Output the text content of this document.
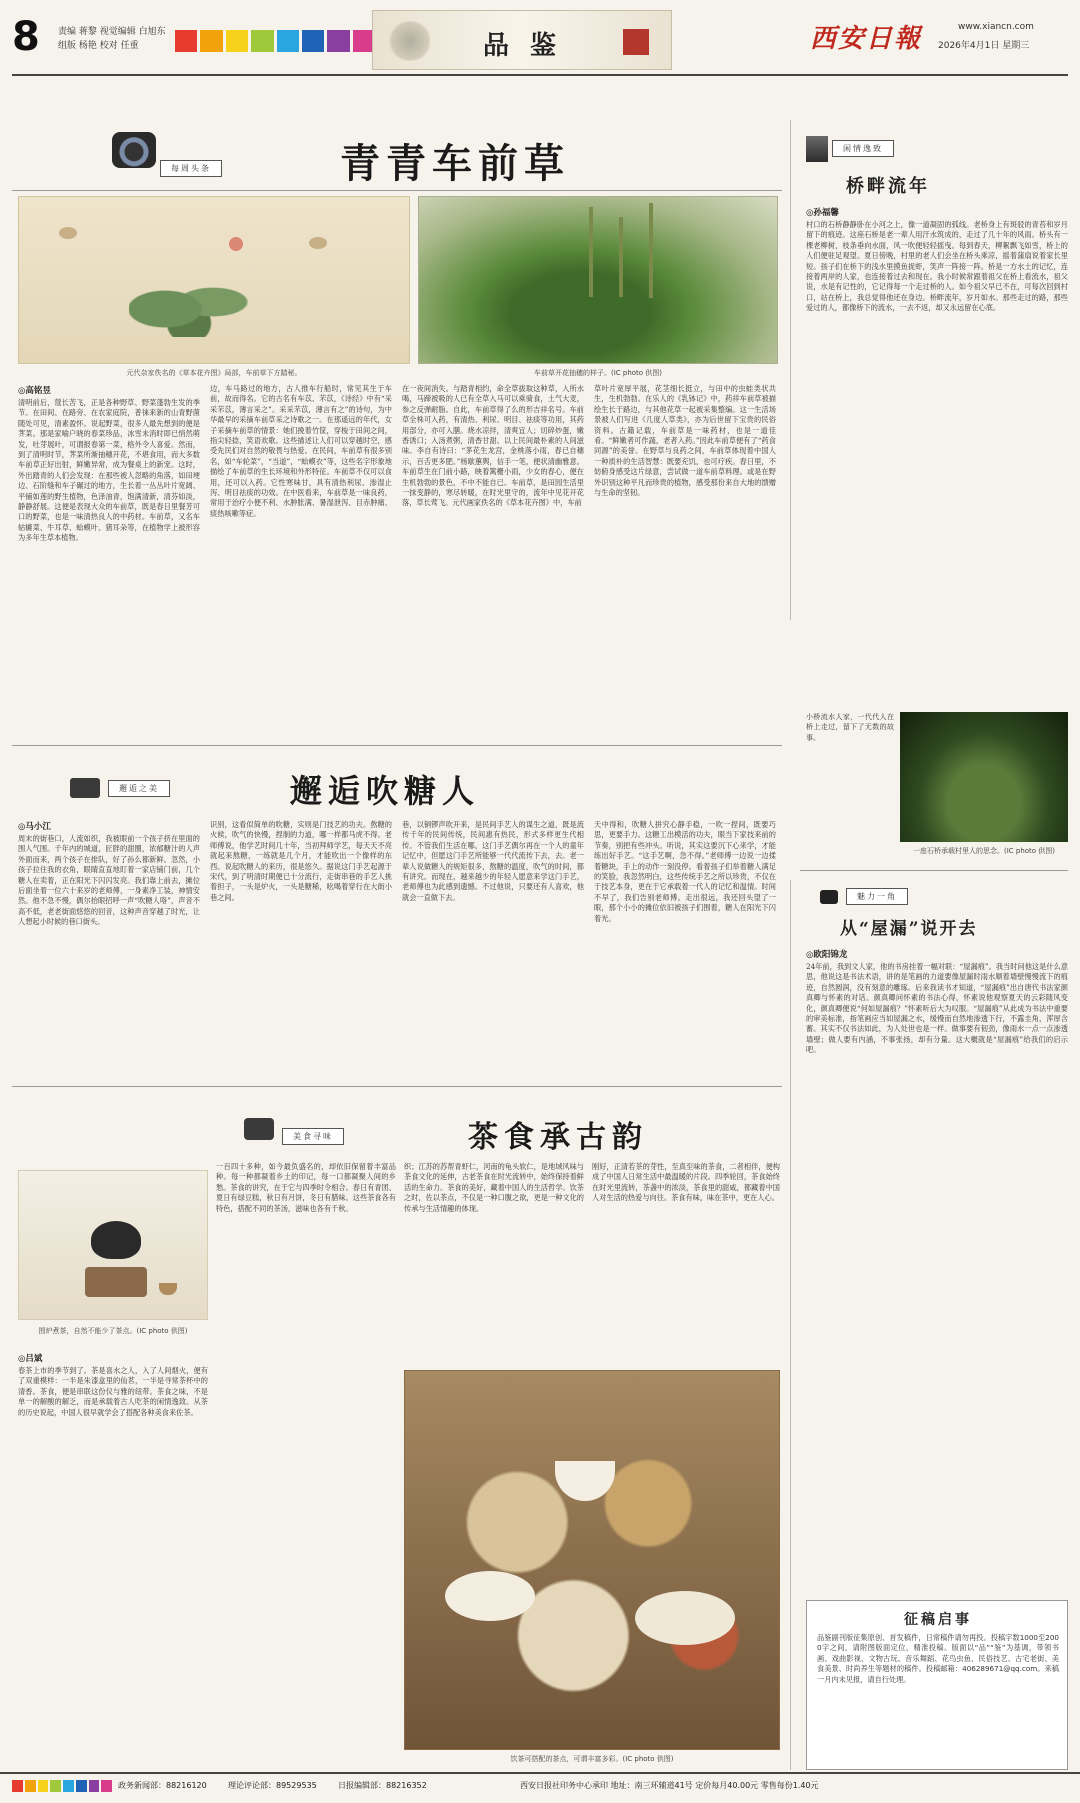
8 责编 蒋黎 视觉编辑 白旭东
组版 杨艳 校对 任重	品 鉴	西安日報	www.xiancn.com
2026年4月1日 星期三
每周头条	青青车前草
元代杂家佚名的《草本花卉图》局部，车前草下方踏秘。	车前草开花抽穗的样子。(IC photo 供图)
◎高铭昱
清明前后，蔻长苦飞，正是各种野草、野菜蓬勃生发的季节。在田间、在路旁、在农家庭院，普徕来新的山青野菌随处可见，清素盈怀。说起野菜，很多人最先想到的便是荠菜。那是家喻户晓的春菜珍品，冰雪未消时即已悄然萌发，吐芽展叶，可谓报春第一菜，格外令人喜爱。然而，到了清明时节，荠菜所渐抽穗开花，不堪食用，而大多数车前草正好出射，鲜嫩异常，成为餐桌上的新宠。这时，外出踏青的人们会发现：在那些被人忽略的角落，如田埂边、石阶缝和车子碾过的地方，生长着一丛丛叶片宽阔、平铺如莲的野生植物，色泽油青，饱满清新，清芬如淡，静静舒展。这便是表现大众的车前草，既是春日里餐芳可口的野菜，也是一味清热良人的中药材。车前草，又名车轱辘菜、牛耳草、蛤蟆叶、猪耳朵等，在植物学上被形容为多年生草本植物。
边，车马路过的地方，古人推车行船时，常见其生于车前，故而得名。它的古名有车苡、芣苡，《诗经》中有“采采芣苡，薄言采之”。采采芣苡，薄言有之”的诗句，为中华最早的采摘车前草采之诗歌之一。在那遥远的年代，女子采摘车前草的情景：她们挽着竹筐，穿梭于田间之间，指尖轻捻，笑语欢歌。这些描述让人们可以穿越时空，感受先民们对自然的敬畏与热爱。在民间，车前草有很多别名，如“车轮菜”，“当道”，“蛤蟆衣”等，这些名字形象地描绘了车前草的生长环境和外形特征。车前草不仅可以食用，还可以入药。它性寒味甘，具有清热利尿、渗湿止泻、明目祛痰的功效。在中医看来，车前草是一味良药，常用于治疗小便不利、水肿胀满、暑湿泄泻、目赤肿痛、痰热咳嗽等症。
在一夜间消失。与踏青相约，命全草拔取这种草，入所水喝，马蹄被吸的人已有全草入马可以乘骑食，土气大麦，参之反弹耐脂。自此，车前草得了么的形吉祥名号。车前草全株可入药，有清热、利尿、明目、祛痰等功用，其药用部分，亦可入膳。烧水凉拌，清爽宜人；切碎炒蛋，嫩香诱口；入汤煮粥，清香甘甜。以上民间最朴素的人间滋味。李自有诗曰：“茅花生龙宫，金桃落小雨，春已自穗示，百舌更多肥。”杨歇蕙舆，信手一笔，便状清幽雅意。车前草生在门前小路，映着篱栅小雨，少女的春心，便在生机勃勃的景色，不中不能自已。车前草，是田园生活里一抹变静的，寒尽转暖，在时光里守的，流年中见花开花落，草长莺飞。元代画家佚名的《草本花卉图》中，车前
草叶片宽厚平展，花茎细长挺立，与田中的虫蛙类状共生，生机勃勃。在乐人的《乳钵记》中，药祥车前草被描绘生长于路边，与其他花草一起被采集整编。这一生活场景被人们写进《几度人草类》，亦为后世留下宝贵的民俗资料。古籍记载，车前草是一味药材，也是一道佳肴。“鲜嫩者可作蔬，老者入药。”因此车前草便有了“药食同源”的美誉。在野草与良药之间，车前草体现着中国人一种质朴的生活智慧：既要充饥，也可疗疾。春日里，不妨俯身感受这片绿意，尝试做一道车前草料理。或是在野外识别这种平凡而珍贵的植物，感受那份来自大地的馈赠与生命的坚韧。
闲情逸致
桥畔流年
◎孙福馨
村口的石桥静静卧在小河之上，像一道凝固的弧线。老桥身上有斑驳的青苔和岁月留下的痕迹。这座石桥是老一辈人用汗水筑成的，走过了几十年的风雨。桥头有一棵老柳树，枝条垂向水面，风一吹便轻轻摇曳。每到春天，柳絮飘飞如雪，桥上的人们便驻足观望。夏日傍晚，村里的老人们会坐在桥头乘凉，摇着蒲扇说着家长里短。孩子们在桥下的浅水里摸鱼捉虾，笑声一阵接一阵。桥是一方水土的记忆，连接着两岸的人家，也连接着过去和现在。我小时候常跟着祖父在桥上看流水，祖父说，水是有记性的，它记得每一个走过桥的人。如今祖父早已不在，可每次回到村口，站在桥上，我总觉得他还在身边。桥畔流年，岁月如水。那些走过的路，那些爱过的人，都像桥下的流水，一去不返，却又永远留在心底。
小桥流水人家，一代代人在桥上走过，留下了无数的故事。
一座石桥承载村里人的思念。(IC photo 供图)
魅力一角
从“屋漏”说开去
◎欧阳锦龙
24年前，我到文人家，他的书房挂着一幅对联：“屋漏痕”。我当时问他这是什么意思，他说这是书法术语，讲的是笔画的力道要像屋漏时雨水顺着墙壁慢慢流下的痕迹，自然圆润，没有刻意的雕琢。后来我读书才知道，“屋漏痕”出自唐代书法家颜真卿与怀素的对话。颜真卿问怀素的书法心得，怀素说他观察夏天的云彩随风变化，颜真卿便说“何如屋漏痕？”怀素听后大为叹服。“屋漏痕”从此成为书法中重要的审美标准，指笔画应当如屋漏之水，缓慢而自然地渗透下行，不露圭角，浑厚含蓄。其实不仅书法如此，为人处世也是一样。做事要有韧劲，像雨水一点一点渗透墙壁；做人要有内涵，不事张扬，却有分量。这大概就是“屋漏痕”给我们的启示吧。
征稿启事
品鉴副刊版征集原创、首发稿件，日常稿件请勿再投。投稿字数1000至2000字之间，请附图版面定位，精准投稿。版面以“品”“鉴”为基调，带领书画、戏曲影视、文物古玩、音乐舞蹈、花鸟虫鱼、民俗技艺、古宅老街、美食美景、时尚养生等题材的稿件。投稿邮箱：406289671@qq.com。来稿一月内未见报，请自行处理。
邂逅之美	邂逅吹糖人
◎马小江
周末的街巷口，人流如织，我被眼前一个孩子挤在里面的围人气围。千年内的城道，匠胖的甜圈，浓郁糖汁的人声外面而来，两个孩子在排队，好了孙么都新鲜。忽然，小孩子拉住我的衣角，眼睛直直地盯着一家店铺门前，几个糖人在卖着，正在阳光下闪闪发亮。我们靠上前去，摊位后面坐着一位六十来岁的老师傅，一身素净工装，神情安然。他不急不慢，偶尔抬眼招呼一声“吹糖人咯”，声音不高不低，老老街面悠悠的回音，这种声音穿越了时光，让人想起小时候的巷口街头。
识别，这看似简单的吹糖，实则是门技艺的功夫。熬糖的火候，吹气的快慢，捏制的力道，哪一样都马虎不得。老师傅说，他学艺时间几十年，当初拜师学艺，每天天不亮就起来熬糖，一练就是几个月，才能吹出一个像样的东西。说起吹糖人的来历，很是悠久。据说这门手艺起源于宋代，到了明清时期便已十分流行，走街串巷的手艺人挑着担子，一头是炉火，一头是糖稀，吆喝着穿行在大街小巷之间。
巷，以铜锣声吹开来，是民间手艺人的谋生之道，既是流传千年的民间传统，民间惠有热民，形式多样更生代相传。不管我们生活在哪，这门手艺偶尔再在一个人的童年记忆中，但愿这门手艺所能够一代代流传下去，去。老一辈人说做糖人的规矩很多，熬糖的温度，吹气的时间，都有讲究。而现在，越来越少的年轻人愿意来学这门手艺，老师傅也为此感到遗憾。不过他说，只要还有人喜欢，他就会一直做下去。
天中得和，吹糖人拼究心静手稳，一吹一捏间，既要巧思，更要手力。这糖工出模活的功夫，眼当下家技来前的节奏，别把有些冲头。听说，其实这要沉下心来学，才能练出好手艺。“这手艺啊，急不得。”老师傅一边说一边揉着糖块，手上的动作一刻没停。看着孩子们举着糖人满足的笑脸，我忽然明白，这些传统手艺之所以珍贵，不仅在于技艺本身，更在于它承载着一代人的记忆和温情。时间不早了，我们告别老师傅。走出很远，我还回头望了一眼，那个小小的摊位依旧被孩子们围着，糖人在阳光下闪着光。
美食寻味	茶食承古韵
围炉煮茶，自然不能少了茶点。(IC photo 供图)
◎吕斌
春茶上市的季节到了。茶是喜水之人，入了人间烟火，便有了双重模样：一半是朱漆盒里的仙茗，一半是寻常茶杯中的清香。茶食，便是串联这份仪与雅的纽带。茶食之味，不是单一的解酸的解乏，而是承载着古人吃茶的闲情逸致。从茶的历史说起，中国人很早就学会了搭配各种美食来佐茶。
一百四十多种，如今最负盛名的，却依旧保留着丰富品种。每一种都凝着乡土的印记，每一口都凝聚人间的乡愁。茶食的讲究，在于它与四季时令相合。春日有青团、夏日有绿豆糕，秋日有月饼，冬日有腊味。这些茶食各有特色，搭配不同的茶汤，滋味也各有千秋。
织；江苏的苏帮青虾仁，河南的龟头软仁，是地域风味与茶食文化的延伸，古老茶食在时光流转中，始终保持着鲜活的生命力。茶食的美好，藏着中国人的生活哲学。饮茶之时，佐以茶点，不仅是一种口腹之欲，更是一种文化的传承与生活情趣的体现。
刚好，正清若茶的芽性，至真至味的茶食，二者相伴，便构成了中国人日常生活中最温暖的片段。四季轮回，茶食始终在时光里流转，茶盏中的浓淡，茶食里的甜咸，都藏着中国人对生活的热爱与向往。茶食有味，味在茶中，更在人心。
饮茶可搭配的茶点，可谓丰富多彩。(IC photo 供图)
政务新闻部：88216120	理论评论部：89529535	日报编辑部：88216352	西安日报社印务中心承印 地址：南三环辅道41号 定价每月40.00元 零售每份1.40元
